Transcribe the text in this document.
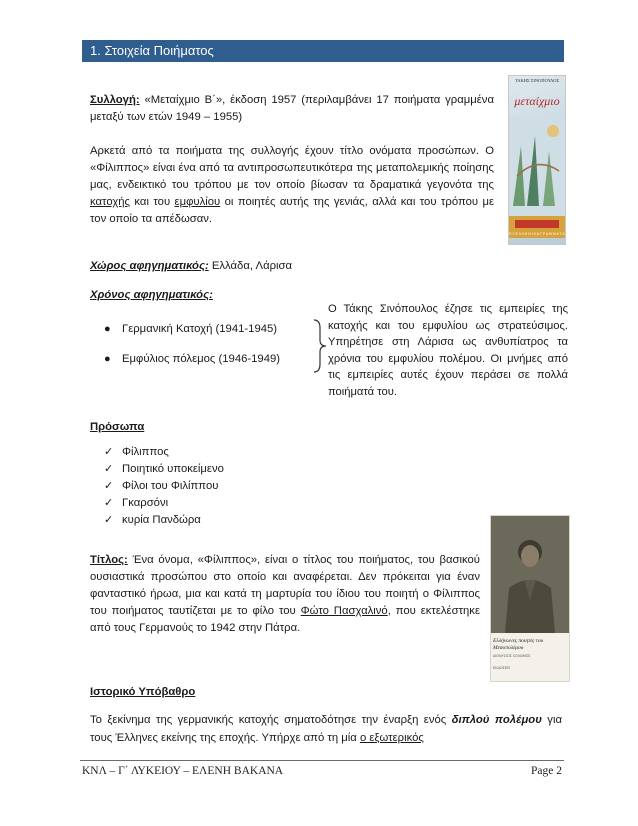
1. Στοιχεία Ποιήματος
Συλλογή: «Μεταίχμιο Β΄», έκδοση 1957 (περιλαμβάνει 17 ποιήματα γραμμένα μεταξύ των ετών 1949 – 1955)
Αρκετά από τα ποιήματα της συλλογής έχουν τίτλο ονόματα προσώπων. Ο «Φίλιππος» είναι ένα από τα αντιπροσωπευτικότερα της μεταπολεμικής ποίησης μας, ενδεικτικό του τρόπου με τον οποίο βίωσαν τα δραματικά γεγονότα της κατοχής και του εμφυλίου οι ποιητές αυτής της γενιάς, αλλά και του τρόπου με τον οποίο τα απέδωσαν.
ΤΑΚΗΣ ΣΙΝΟΠΟΥΛΟΣ
μεταίχμιο
Ε Γ Ε Λ Λ Η Ν Ι Κ Α Γ Ρ Α Μ Μ Α Τ Α
Χώρος αφηγηματικός: Ελλάδα, Λάρισα
Χρόνος αφηγηματικός:
● Γερμανική Κατοχή (1941-1945)
● Εμφύλιος πόλεμος (1946-1949)
Ο Τάκης Σινόπουλος έζησε τις εμπειρίες της κατοχής και του εμφυλίου ως στρατεύσιμος. Υπηρέτησε στη Λάρισα ως ανθυπίατρος τα χρόνια του εμφυλίου πολέμου. Οι μνήμες από τις εμπειρίες αυτές έχουν περάσει σε πολλά ποιήματά του.
Πρόσωπα
✓ Φίλιππος
✓ Ποιητικό υποκείμενο
✓ Φίλοι του Φιλίππου
✓ Γκαρσόνι
✓ κυρία Πανδώρα
Τίτλος: Ένα όνομα, «Φίλιππος», είναι ο τίτλος του ποιήματος, του βασικού ουσιαστικά προσώπου στο οποίο και αναφέρεται. Δεν πρόκειται για έναν φανταστικό ήρωα, μια και κατά τη μαρτυρία του ίδιου του ποιητή ο Φίλιππος του ποιήματος ταυτίζεται με το φίλο του Φώτο Πασχαλινό, που εκτελέστηκε από τους Γερμανούς το 1942 στην Πάτρα.
Ελλήνωνες ποιητές του Μεσοπολέμου
ΔΙΟΝΥΣΙΟΣ ΣΟΛΩΜΟΣ
ΕΚΔΟΣΕΙΣ
Ιστορικό Υπόβαθρο
Το ξεκίνημα της γερμανικής κατοχής σηματοδότησε την έναρξη ενός διπλού πολέμου για τους Έλληνες εκείνης της εποχής. Υπήρχε από τη μία ο εξωτερικός
ΚΝΛ – Γ΄ ΛΥΚΕΙΟΥ – ΕΛΕΝΗ ΒΑΚΑΝΑ	Page 2
